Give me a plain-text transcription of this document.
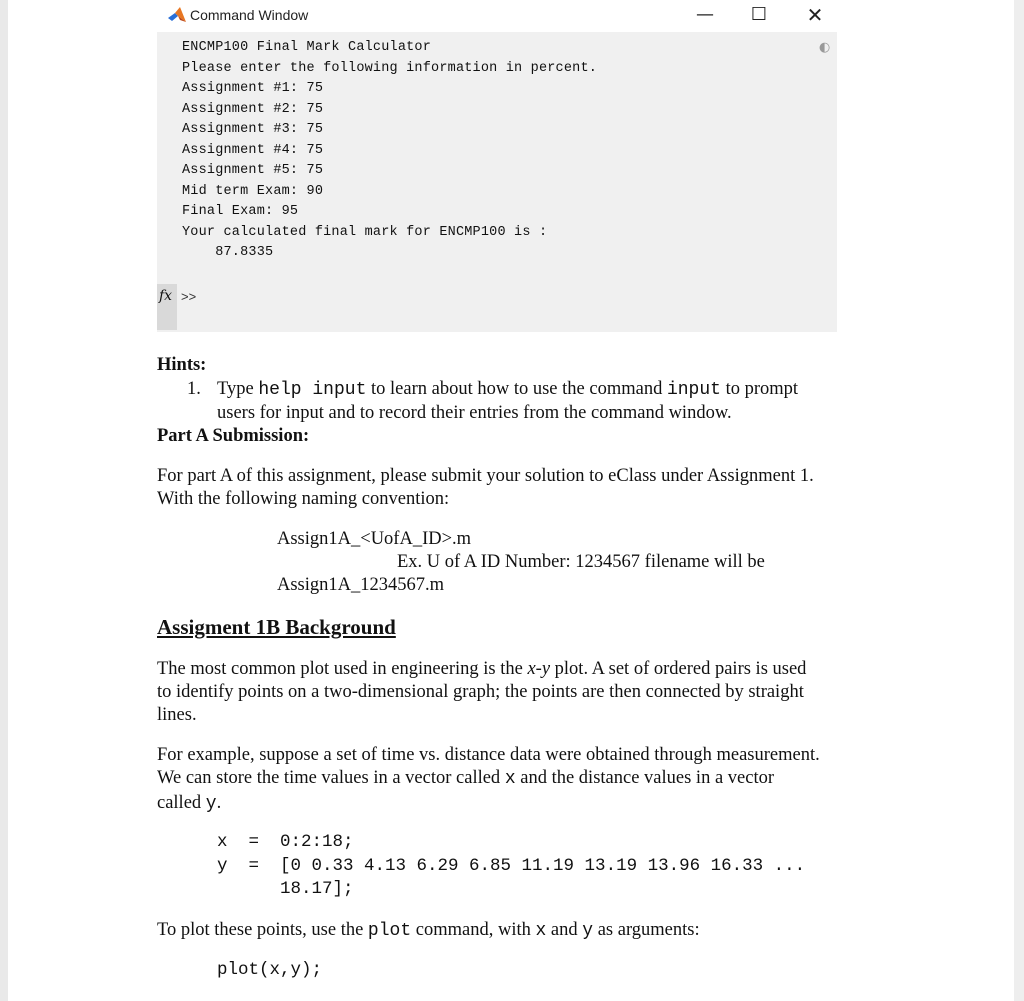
Command Window	—	☐	✕
ENCMP100 Final Mark Calculator
Please enter the following information in percent.
Assignment #1: 75
Assignment #2: 75
Assignment #3: 75
Assignment #4: 75
Assignment #5: 75
Mid term Exam: 90
Final Exam: 95
Your calculated final mark for ENCMP100 is :
87.8335
◐
fx >>
Hints:
1. Type help input to learn about how to use the command input to prompt
users for input and to record their entries from the command window.
Part A Submission:
For part A of this assignment, please submit your solution to eClass under Assignment 1.
With the following naming convention:
Assign1A_<UofA_ID>.m
Ex. U of A ID Number: 1234567 filename will be
Assign1A_1234567.m
Assigment 1B Background
The most common plot used in engineering is the x-y plot. A set of ordered pairs is used
to identify points on a two-dimensional graph; the points are then connected by straight
lines.
For example, suppose a set of time vs. distance data were obtained through measurement.
We can store the time values in a vector called x and the distance values in a vector
called y.
x  =  0:2:18;
y  =  [0 0.33 4.13 6.29 6.85 11.19 13.19 13.96 16.33 ...
18.17];
To plot these points, use the plot command, with x and y as arguments:
plot(x,y);
